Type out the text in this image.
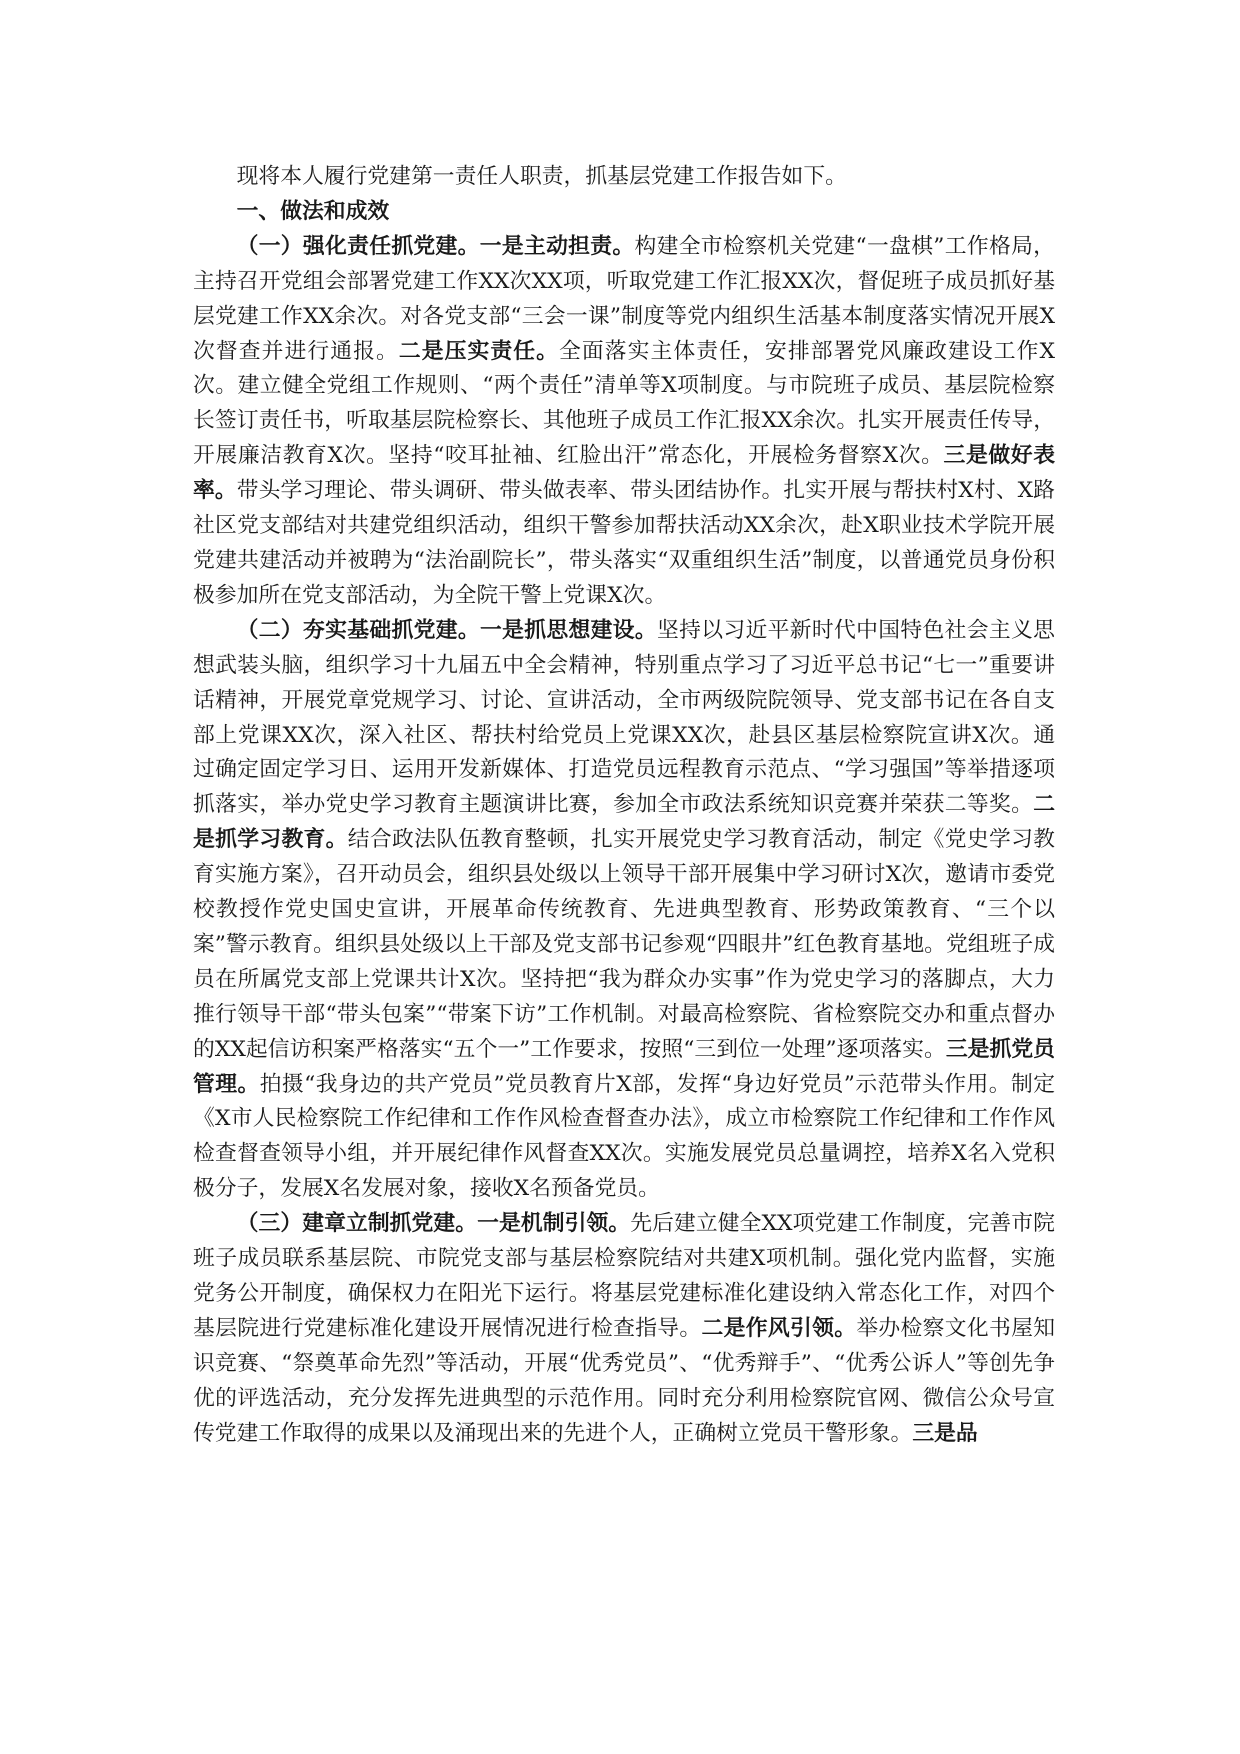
现将本人履行党建第一责任人职责，抓基层党建工作报告如下。

一、做法和成效

（一）强化责任抓党建。一是主动担责。构建全市检察机关党建“一盘棋”工作格局，主持召开党组会部署党建工作XX次XX项，听取党建工作汇报XX次，督促班子成员抓好基层党建工作XX余次。对各党支部“三会一课”制度等党内组织生活基本制度落实情况开展X次督查并进行通报。二是压实责任。全面落实主体责任，安排部署党风廉政建设工作X次。建立健全党组工作规则、“两个责任”清单等X项制度。与市院班子成员、基层院检察长签订责任书，听取基层院检察长、其他班子成员工作汇报XX余次。扎实开展责任传导，开展廉洁教育X次。坚持“咬耳扯袖、红脸出汗”常态化，开展检务督察X次。三是做好表率。带头学习理论、带头调研、带头做表率、带头团结协作。扎实开展与帮扶村X村、X路社区党支部结对共建党组织活动，组织干警参加帮扶活动XX余次，赴X职业技术学院开展党建共建活动并被聘为“法治副院长”，带头落实“双重组织生活”制度，以普通党员身份积极参加所在党支部活动，为全院干警上党课X次。

（二）夯实基础抓党建。一是抓思想建设。坚持以习近平新时代中国特色社会主义思想武装头脑，组织学习十九届五中全会精神，特别重点学习了习近平总书记“七一”重要讲话精神，开展党章党规学习、讨论、宣讲活动，全市两级院院领导、党支部书记在各自支部上党课XX次，深入社区、帮扶村给党员上党课XX次，赴县区基层检察院宣讲X次。通过确定固定学习日、运用开发新媒体、打造党员远程教育示范点、“学习强国”等举措逐项抓落实，举办党史学习教育主题演讲比赛，参加全市政法系统知识竞赛并荣获二等奖。二是抓学习教育。结合政法队伍教育整顿，扎实开展党史学习教育活动，制定《党史学习教育实施方案》，召开动员会，组织县处级以上领导干部开展集中学习研讨X次，邀请市委党校教授作党史国史宣讲，开展革命传统教育、先进典型教育、形势政策教育、“三个以案”警示教育。组织县处级以上干部及党支部书记参观“四眼井”红色教育基地。党组班子成员在所属党支部上党课共计X次。坚持把“我为群众办实事”作为党史学习的落脚点，大力推行领导干部“带头包案”“带案下访”工作机制。对最高检察院、省检察院交办和重点督办的XX起信访积案严格落实“五个一”工作要求，按照“三到位一处理”逐项落实。三是抓党员管理。拍摄“我身边的共产党员”党员教育片X部，发挥“身边好党员”示范带头作用。制定《X市人民检察院工作纪律和工作作风检查督查办法》，成立市检察院工作纪律和工作作风检查督查领导小组，并开展纪律作风督查XX次。实施发展党员总量调控，培养X名入党积极分子，发展X名发展对象，接收X名预备党员。

（三）建章立制抓党建。一是机制引领。先后建立健全XX项党建工作制度，完善市院班子成员联系基层院、市院党支部与基层检察院结对共建X项机制。强化党内监督，实施党务公开制度，确保权力在阳光下运行。将基层党建标准化建设纳入常态化工作，对四个基层院进行党建标准化建设开展情况进行检查指导。二是作风引领。举办检察文化书屋知识竞赛、“祭奠革命先烈”等活动，开展“优秀党员”、“优秀辩手”、“优秀公诉人”等创先争优的评选活动，充分发挥先进典型的示范作用。同时充分利用检察院官网、微信公众号宣传党建工作取得的成果以及涌现出来的先进个人，正确树立党员干警形象。三是品
